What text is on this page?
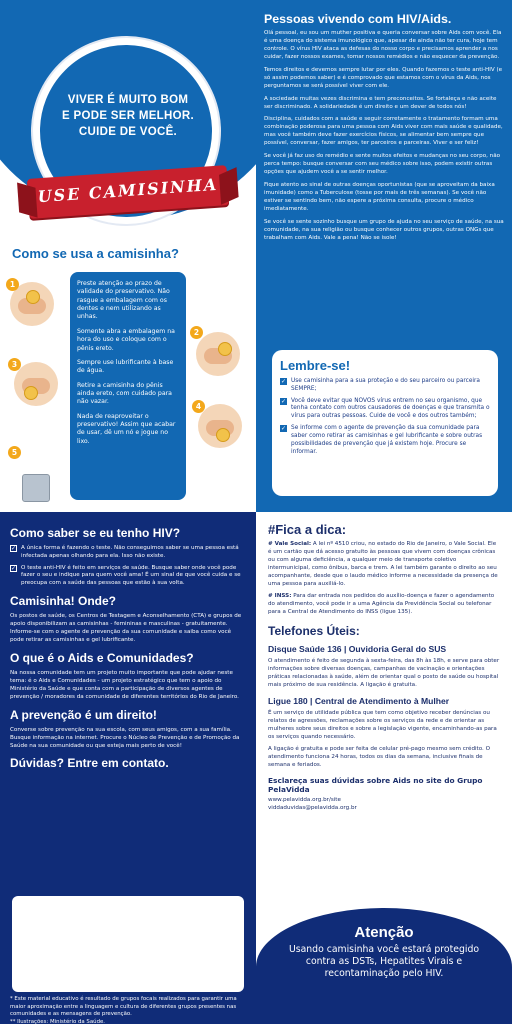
VIVER É MUITO BOM
E PODE SER MELHOR.
CUIDE DE VOCÊ.
USE CAMISINHA
Como se usa a camisinha?
1
2
3
4
5

Preste atenção ao prazo de validade do preservativo. Não rasgue a embalagem com os dentes e nem utilizando as unhas.

Somente abra a embalagem na hora do uso e coloque com o pênis ereto.

Sempre use lubrificante à base de água.

Retire a camisinha do pênis ainda ereto, com cuidado para não vazar.

Nada de reaproveitar o preservativo! Assim que acabar de usar, dê um nó e jogue no lixo.

Pessoas vivendo com HIV/Aids.

Olá pessoal, eu sou um muther positiva e queria conversar sobre Aids com você. Ela é uma doença do sistema imunológico que, apesar de ainda não ter cura, hoje tem controle. O vírus HIV ataca as defesas do nosso corpo e precisamos aprender a nos cuidar, fazer nossos exames, tomar nossos remédios e não esquecer da prevenção.

Temos direitos e devemos sempre lutar por eles. Quando fazemos o teste anti-HIV (e só assim podemos saber) e é comprovado que estamos com o vírus da Aids, nos perguntamos se será possível viver com ele.

A sociedade muitas vezes discrimina e tem preconceitos. Se fortaleça e não aceite ser discriminado. A solidariedade é um direito e um dever de todos nós!

Disciplina, cuidados com a saúde e seguir corretamente o tratamento formam uma combinação poderosa para uma pessoa com Aids viver com mais saúde e qualidade, mas você também deve fazer exercícios físicos, se alimentar bem sempre que possível, conversar, fazer amigos, ter parceiros e parceiras. Viver e ser feliz!

Se você já faz uso do remédio e sente muitos efeitos e mudanças no seu corpo, não perca tempo: busque conversar com seu médico sobre isso, podem existir outras opções que ajudem você a se sentir melhor.

Fique atento ao sinal de outras doenças oportunistas (que se aproveitam da baixa imunidade) como a Tuberculose (tosse por mais de três semanas). Se você não estiver se sentindo bem, não espere a próxima consulta, procure o médico imediatamente.

Se você se sente sozinho busque um grupo de ajuda no seu serviço de saúde, na sua comunidade, na sua religião ou busque conhecer outros grupos, outras ONGs que trabalham com Aids. Vale a pena! Não se isole!

Lembre-se!
✓ Use camisinha para a sua proteção e do seu parceiro ou parceira SEMPRE;
✓ Você deve evitar que NOVOS vírus entrem no seu organismo, que tenha contato com outros causadores de doenças e que transmita o vírus para outras pessoas. Cuide de você e dos outros também;
✓ Se informe com o agente de prevenção da sua comunidade para saber como retirar as camisinhas e gel lubrificante e sobre outras possibilidades de prevenção que já existem hoje. Procure se informar.
Como saber se eu tenho HIV?
✓ A única forma é fazendo o teste. Não conseguimos saber se uma pessoa está infectada apenas olhando para ela. Isso não existe.
✓ O teste anti-HIV é feito em serviços de saúde. Busque saber onde você pode fazer o seu e indique para quem você ama! É um sinal de que você cuida e se preocupa com a saúde das pessoas que estão à sua volta.
Camisinha! Onde?

Os postos de saúde, os Centros de Testagem e Aconselhamento (CTA) e grupos de apoio disponibilizam as camisinhas - femininas e masculinas - gratuitamente. Informe-se com o agente de prevenção da sua comunidade e saiba como você pode retirar as camisinhas e gel lubrificante.

O que é o Aids e Comunidades?

Na nossa comunidade tem um projeto muito importante que pode ajudar neste tema: é o Aids e Comunidades - um projeto estratégico que tem o apoio do Ministério da Saúde e que conta com a participação de diversos agentes de prevenção / moradores da comunidade de diferentes territórios do Rio de Janeiro.

A prevenção é um direito!

Converse sobre prevenção na sua escola, com seus amigos, com a sua família. Busque informação na internet. Procure o Núcleo de Prevenção e de Promoção da Saúde na sua comunidade ou que esteja mais perto de você!

Dúvidas? Entre em contato.

* Este material educativo é resultado de grupos focais realizados para garantir uma maior aproximação entre a linguagem e cultura de diferentes grupos presentes nas comunidades e as mensagens de prevenção.

** Ilustrações: Ministério da Saúde.

#Fica a dica:

# Vale Social: A lei nº 4510 criou, no estado do Rio de Janeiro, o Vale Social. Ele é um cartão que dá acesso gratuito às pessoas que vivem com doenças crônicas ou com alguma deficiência, a qualquer meio de transporte coletivo intermunicipal, como ônibus, barca e trem. A lei também garante o direito ao seu acompanhante, desde que o laudo médico informe a necessidade da presença de uma pessoa para auxiliá-lo.

# INSS: Para dar entrada nos pedidos do auxílio-doença e fazer o agendamento do atendimento, você pode ir a uma Agência da Previdência Social ou telefonar para a Central de Atendimento do INSS (ligue 135).

Telefones Úteis:
Disque Saúde 136 | Ouvidoria Geral do SUS

O atendimento é feito de segunda à sexta-feira, das 8h às 18h, e serve para obter informações sobre diversas doenças, campanhas de vacinação e orientações práticas relacionadas à saúde, além de orientar qual o posto de saúde ou hospital mais próximo de sua residência. A ligação é gratuita.

Ligue 180 | Central de Atendimento à Mulher

É um serviço de utilidade pública que tem como objetivo receber denúncias ou relatos de agressões, reclamações sobre os serviços da rede e de orientar as mulheres sobre seus direitos e sobre a legislação vigente, encaminhando-as para os serviços quando necessário.

A ligação é gratuita e pode ser feita de celular pré-pago mesmo sem crédito. O atendimento funciona 24 horas, todos os dias da semana, inclusive finais de semana e feriados.

Esclareça suas dúvidas sobre Aids no site do Grupo PelaVidda

www.pelavidda.org.br/site

viddaduvidas@pelavidda.org.br

Atenção
Usando camisinha você estará protegido contra as DSTs, Hepatites Virais e recontaminação pelo HIV.
